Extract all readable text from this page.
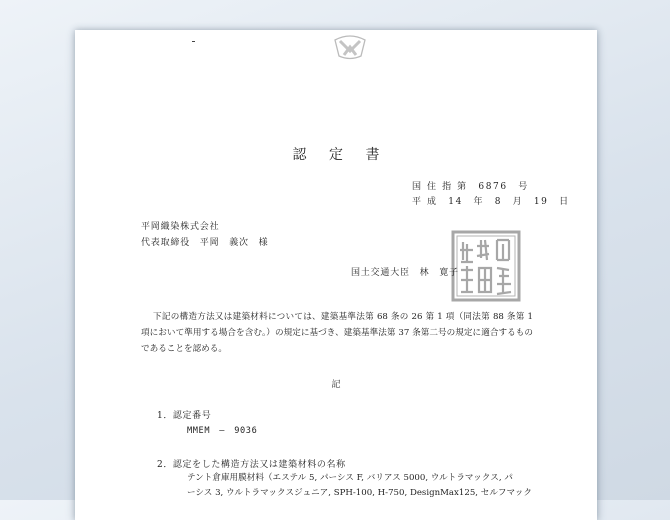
認 定 書
国 住 指 第　6876　号
平 成　14　年　8　月　19　日
平岡織染株式会社
代表取締役　平岡　義次　様
国土交通大臣　林　寛子
下記の構造方法又は建築材料については、建築基準法第 68 条の 26 第 1 項（同法第 88 条第 1 項において準用する場合を含む。）の規定に基づき、建築基準法第 37 条第二号の規定に適合するものであることを認める。
記
1．認定番号
MMEM　―　9036
2．認定をした構造方法又は建築材料の名称
テント倉庫用膜材料（エステル 5, パーシス F, バリアス 5000, ウルトラマックス, パ
ーシス 3, ウルトラマックスジュニア, SPH-100, H-750, DesignMax125, セルフマック
